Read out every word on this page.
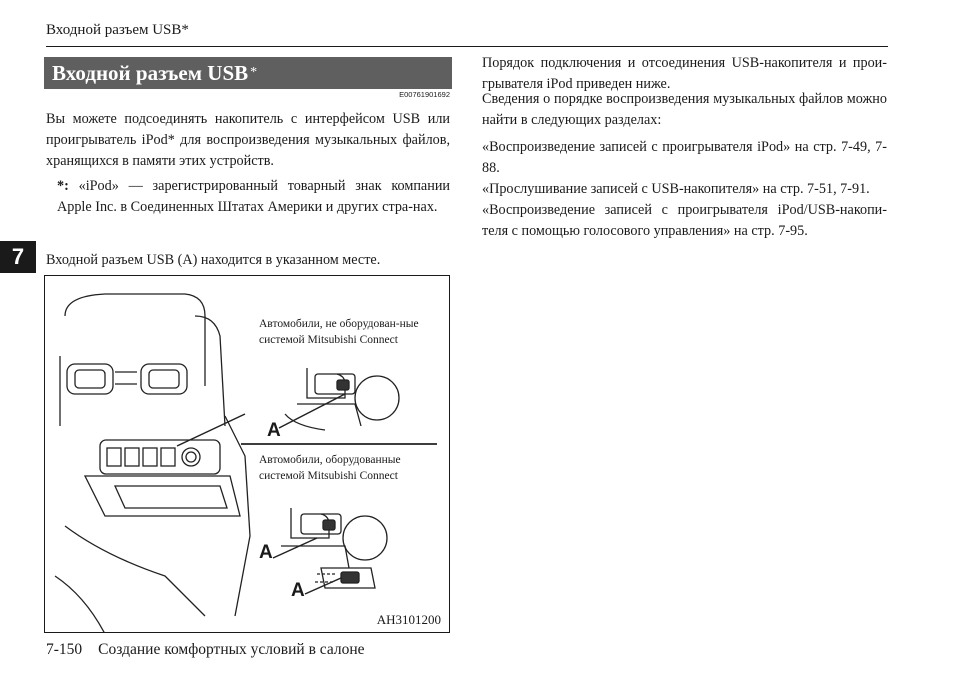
Входной разъем USB*
7
Входной разъем USB *
E00761901692
Вы можете подсоединять накопитель с интерфейсом USB или проигрыватель iPod* для воспроизведения музыкальных файлов, хранящихся в памяти этих устройств.
*: «iPod» — зарегистрированный товарный знак компании Apple Inc. в Соединенных Штатах Америки и других стра-нах.
Входной разъем USB (A) находится в указанном месте.
Автомобили, не оборудован-ные системой Mitsubishi Connect
Автомобили, оборудованные системой Mitsubishi Connect
A
A
A
AH3101200
Порядок подключения и отсоединения USB-накопителя и прои-грывателя iPod приведен ниже.
Сведения о порядке воспроизведения музыкальных файлов можно найти в следующих разделах:
«Воспроизведение записей с проигрывателя iPod» на стр. 7-49, 7-88.
«Прослушивание записей с USB-накопителя» на стр. 7-51, 7-91.
«Воспроизведение записей с проигрывателя iPod/USB-накопи-теля с помощью голосового управления» на стр. 7-95.
7-150 Создание комфортных условий в салоне
